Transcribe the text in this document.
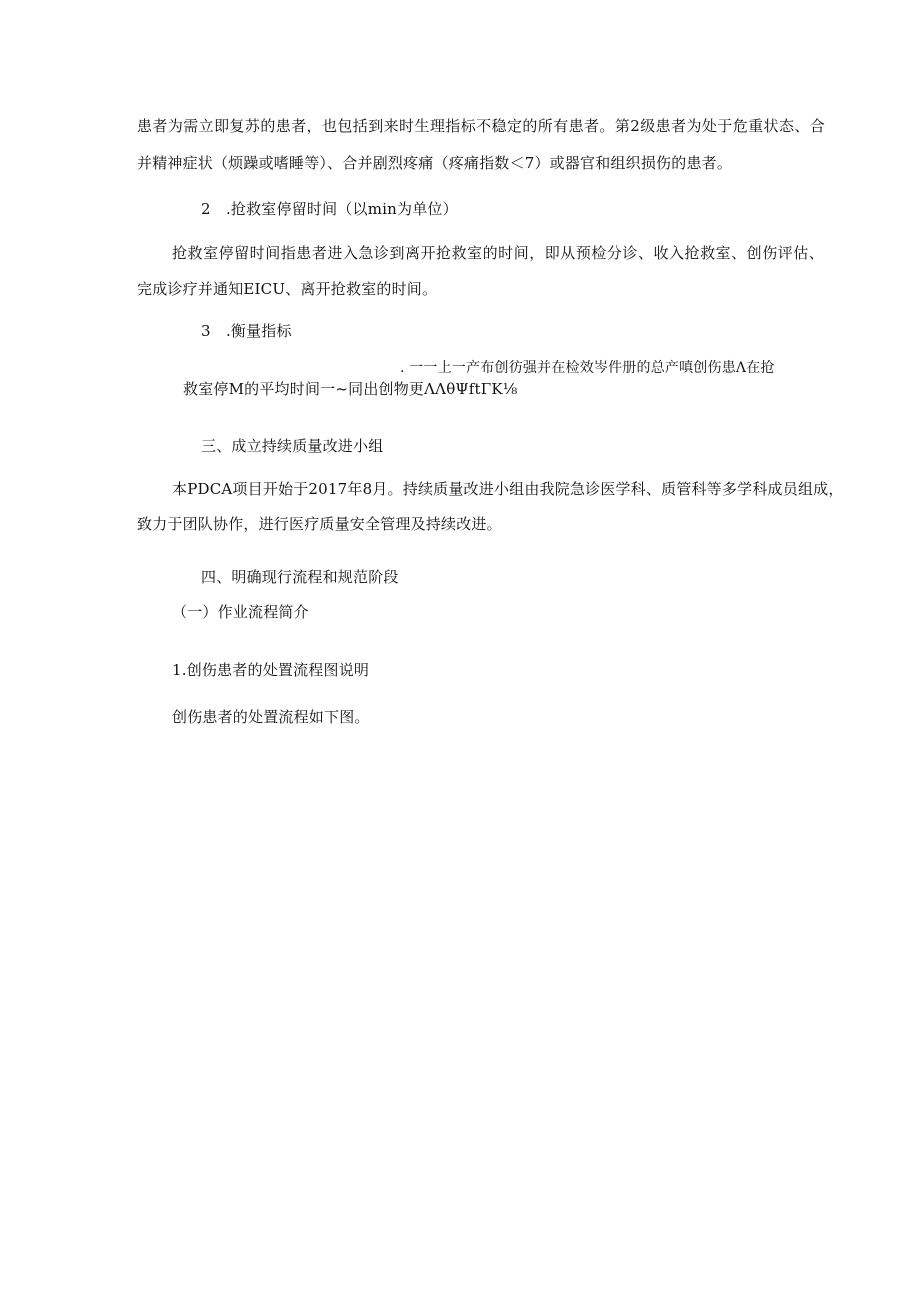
患者为需立即复苏的患者，也包括到来时生理指标不稳定的所有患者。第2级患者为处于危重状态、合
并精神症状（烦躁或嗜睡等）、合并剧烈疼痛（疼痛指数＜7）或器官和组织损伤的患者。
2　.抢救室停留时间（以min为单位）
抢救室停留时间指患者进入急诊到离开抢救室的时间，即从预检分诊、收入抢救室、创伤评估、
完成诊疗并通知EICU、离开抢救室的时间。
3　.衡量指标
. 一一上一产布创彷强并在检效岑件册的总产嗔创伤患Λ在抢
救室停M的平均时间一~同出创物更ΛΛθΨftΓK⅛
三、成立持续质量改进小组
本PDCA项目开始于2017年8月。持续质量改进小组由我院急诊医学科、质管科等多学科成员组成，
致力于团队协作，进行医疗质量安全管理及持续改进。
四、明确现行流程和规范阶段
（一）作业流程简介
1.创伤患者的处置流程图说明
创伤患者的处置流程如下图。
